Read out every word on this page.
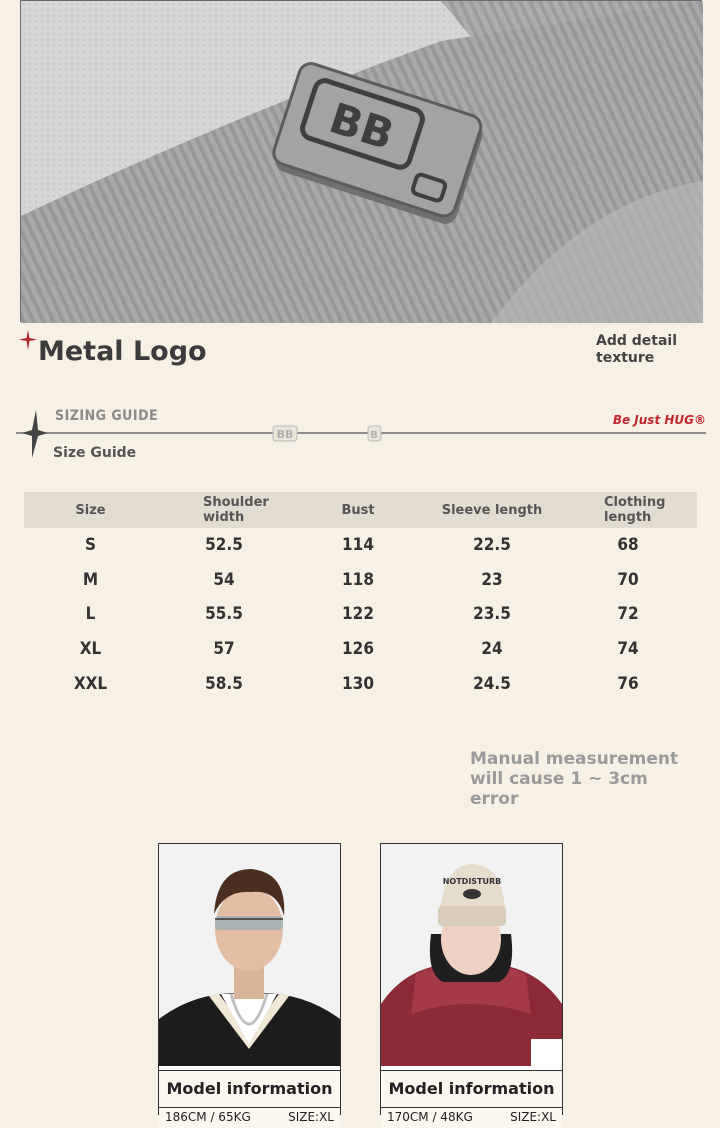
BB
Metal Logo	Add detail texture
BB	B
SIZING GUIDE
Size Guide
Be Just HUG®
Size	Shoulder width	Bust	Sleeve length	Clothing length
S	52.5	114	22.5	68
M	54	118	23	70
L	55.5	122	23.5	72
XL	57	126	24	74
XXL	58.5	130	24.5	76
Manual measurement will cause 1 ~ 3cm error
Model information
186CM / 65KG	SIZE:XL
NOTDISTURB
Model information
170CM / 48KG	SIZE:XL
